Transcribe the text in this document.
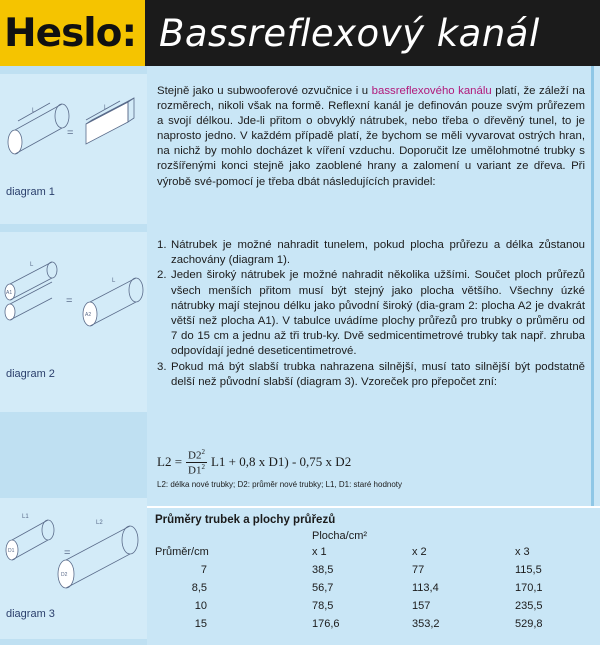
Heslo: Bassreflexový kanál
L	L
=
diagram 1
A1
A2
L
L
=
diagram 2
D1
D2
L1
L2
=
diagram 3

Stejně jako u subwooferové ozvučnice i u bassreflexového kanálu platí, že záleží na rozměrech, nikoli však na formě. Reflexní kanál je definován pouze svým průřezem a svojí délkou. Jde-li přitom o obvyklý nátrubek, nebo třeba o dřevěný tunel, to je naprosto jedno. V každém případě platí, že bychom se měli vyvarovat ostrých hran, na nichž by mohlo docházet k víření vzduchu. Doporučit lze umělohmotné trubky s rozšířenými konci stejně jako zaoblené hrany a zalomení u variant ze dřeva. Při výrobě své-pomocí je třeba dbát následujících pravidel:

1. Nátrubek je možné nahradit tunelem, pokud plocha průřezu a délka zůstanou zachovány (diagram 1).
2. Jeden široký nátrubek je možné nahradit několika užšími. Součet ploch průřezů všech menších přitom musí být stejný jako plocha většího. Všechny úzké nátrubky mají stejnou délku jako původní široký (dia-gram 2: plocha A2 je dvakrát větší než plocha A1). V tabulce uvádíme plochy průřezů pro trubky o průměru od 7 do 15 cm a jednu až tři trub-ky. Dvě sedmicentimetrové trubky tak např. zhruba odpovídají jedné deseticentimetrové.
3. Pokud má být slabší trubka nahrazena silnější, musí tato silnější být podstatně delší než původní slabší (diagram 3). Vzoreček pro přepočet zní:
$L2 = \frac{D2^2}{D1^2} L1 + 0,8$ x D1) - 0,75 x D2
L2: délka nové trubky; D2: průměr nové trubky; L1, D1: staré hodnoty
Průměry trubek a plochy průřezů
Plocha/cm²
Průměr/cm	x 1	x 2	x 3
7	38,5	77	115,5
8,5	56,7	113,4	170,1
10	78,5	157	235,5
15	176,6	353,2	529,8
